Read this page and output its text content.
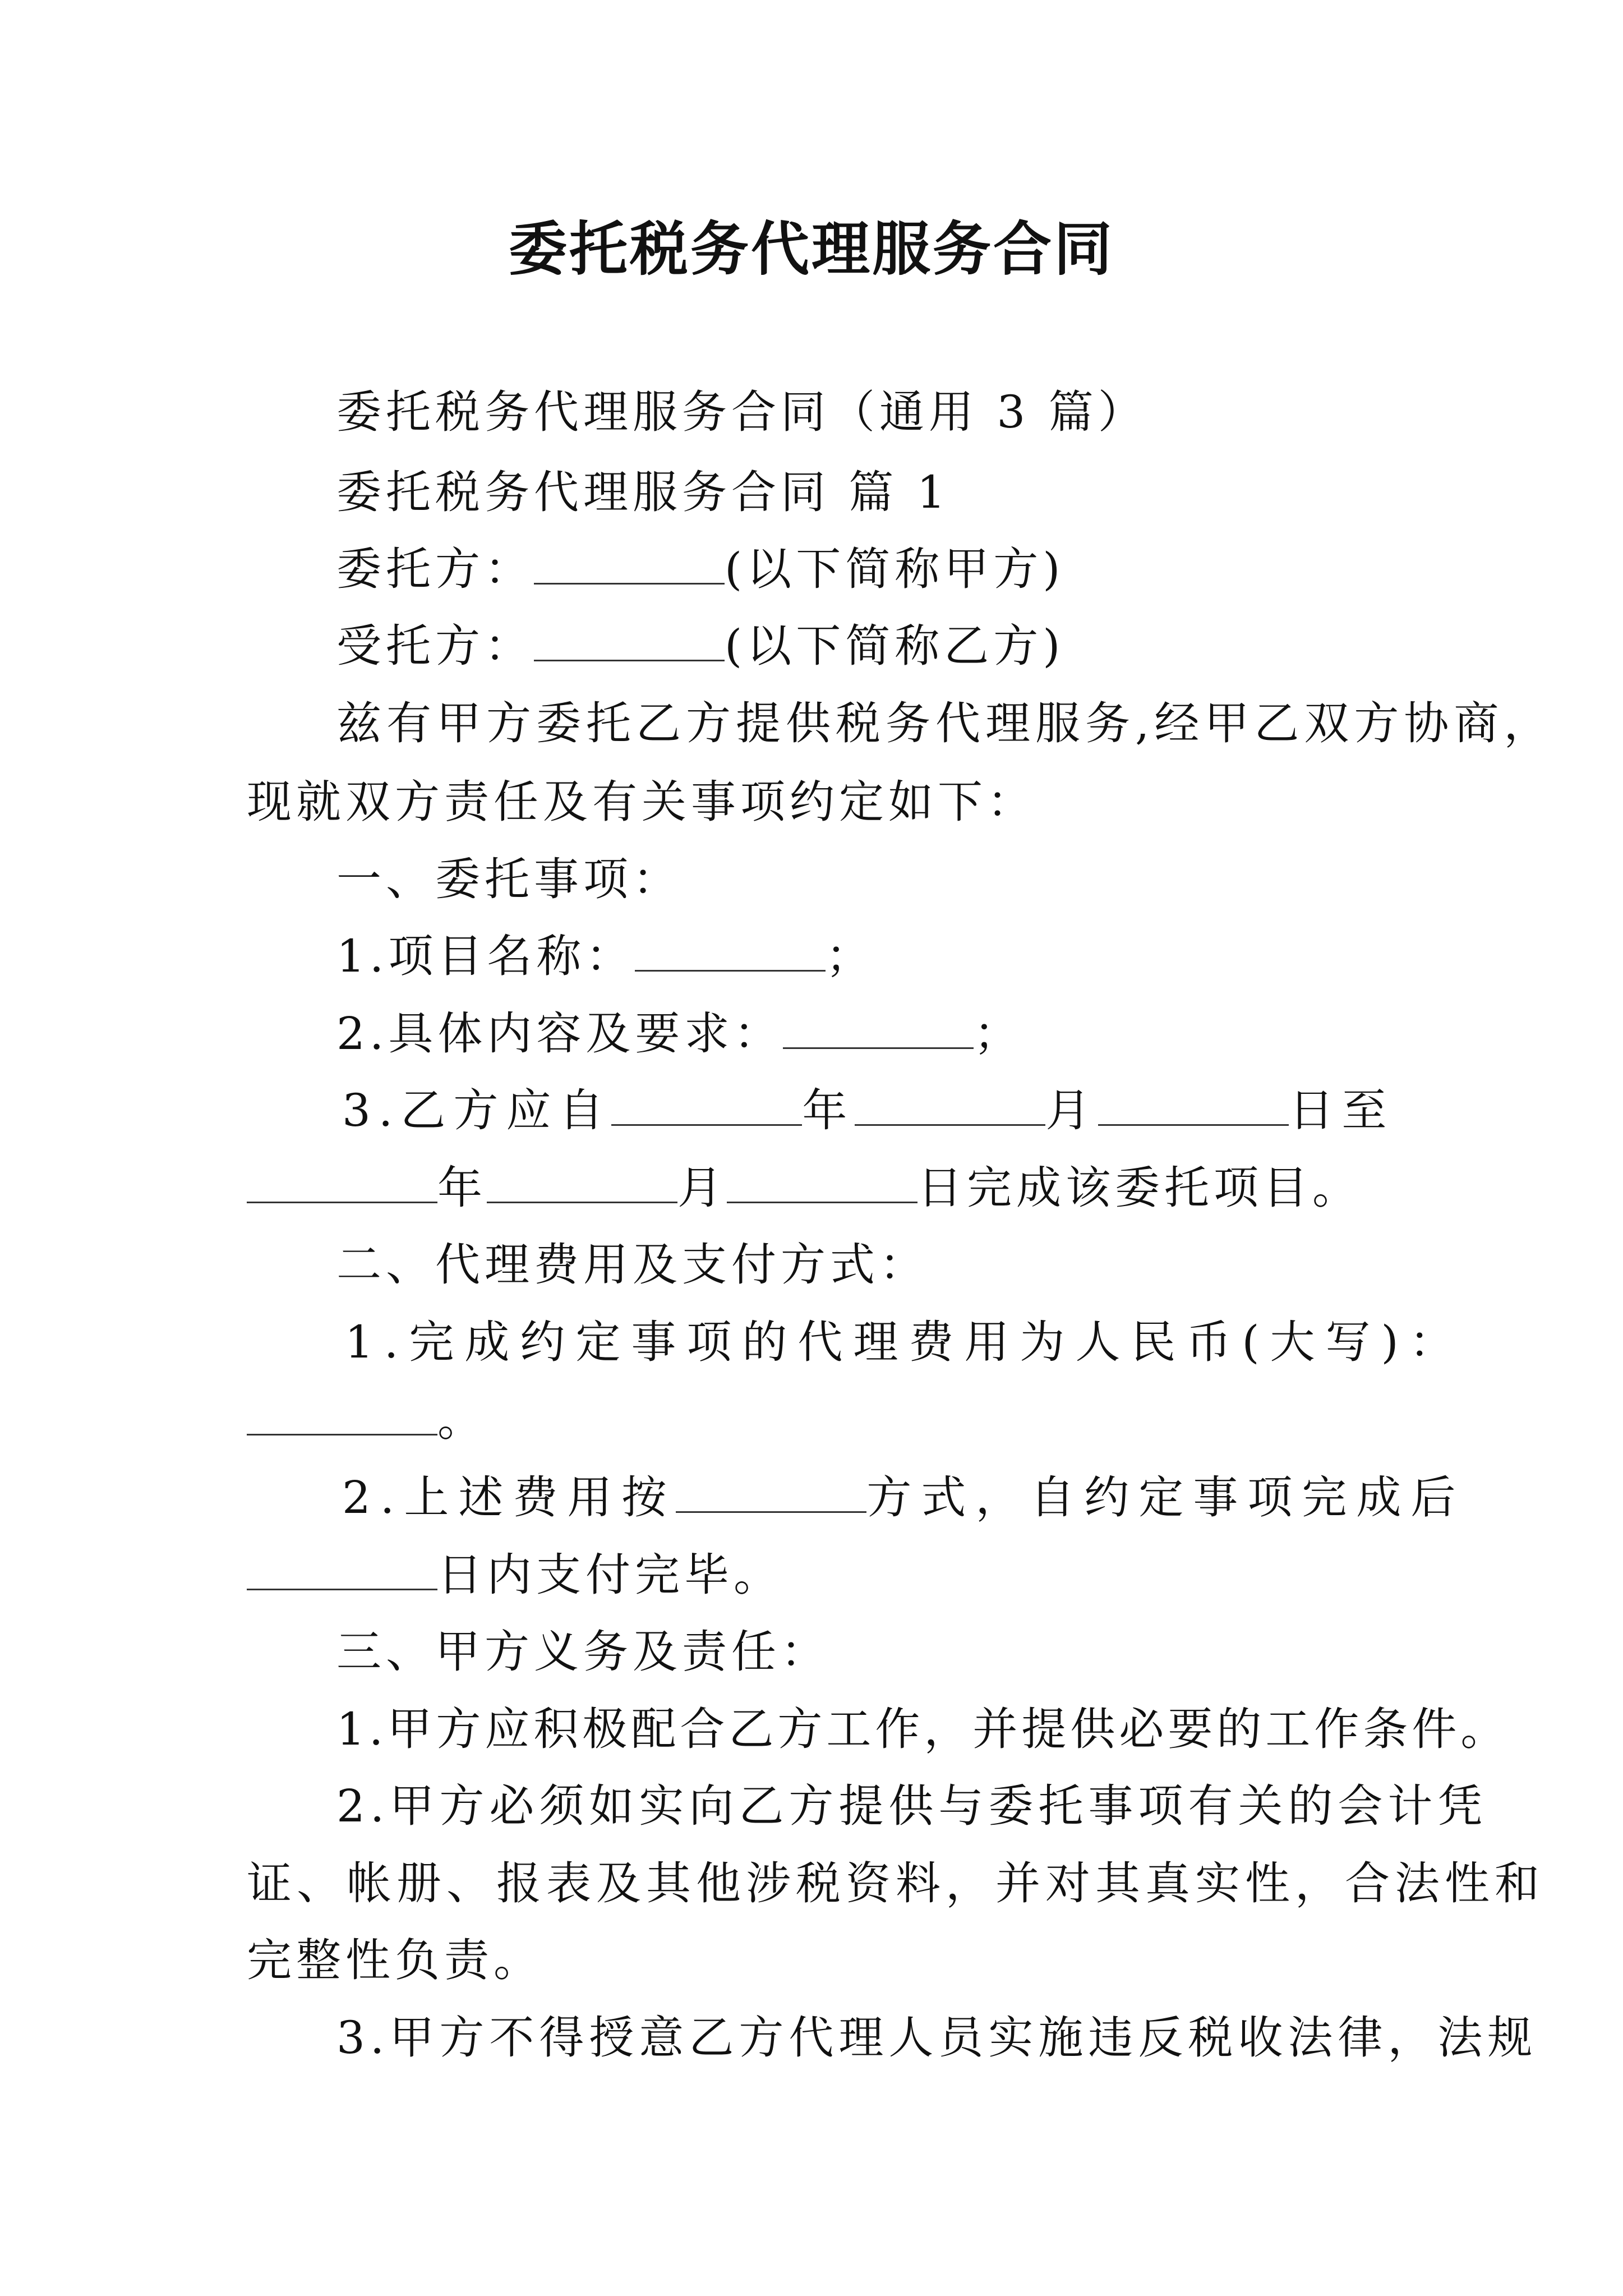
委托税务代理服务合同
委托税务代理服务合同（通用 3 篇）
委托税务代理服务合同 篇 1
委托方：	(以下简称甲方)
受托方：	(以下简称乙方)
兹有甲方委托乙方提供税务代理服务,经甲乙双方协商，
现就双方责任及有关事项约定如下：
一、委托事项：
1.项目名称：	；
2.具体内容及要求：	；
3.乙方应自	年	月	日至
年	月	日完成该委托项目。
二、代理费用及支付方式：
1.完成约定事项的代理费用为人民币(大写)：
。
2.上述费用按	方式，自约定事项完成后
日内支付完毕。
三、甲方义务及责任：
1.甲方应积极配合乙方工作，并提供必要的工作条件。
2.甲方必须如实向乙方提供与委托事项有关的会计凭
证、帐册、报表及其他涉税资料，并对其真实性，合法性和
完整性负责。
3.甲方不得授意乙方代理人员实施违反税收法律，法规
